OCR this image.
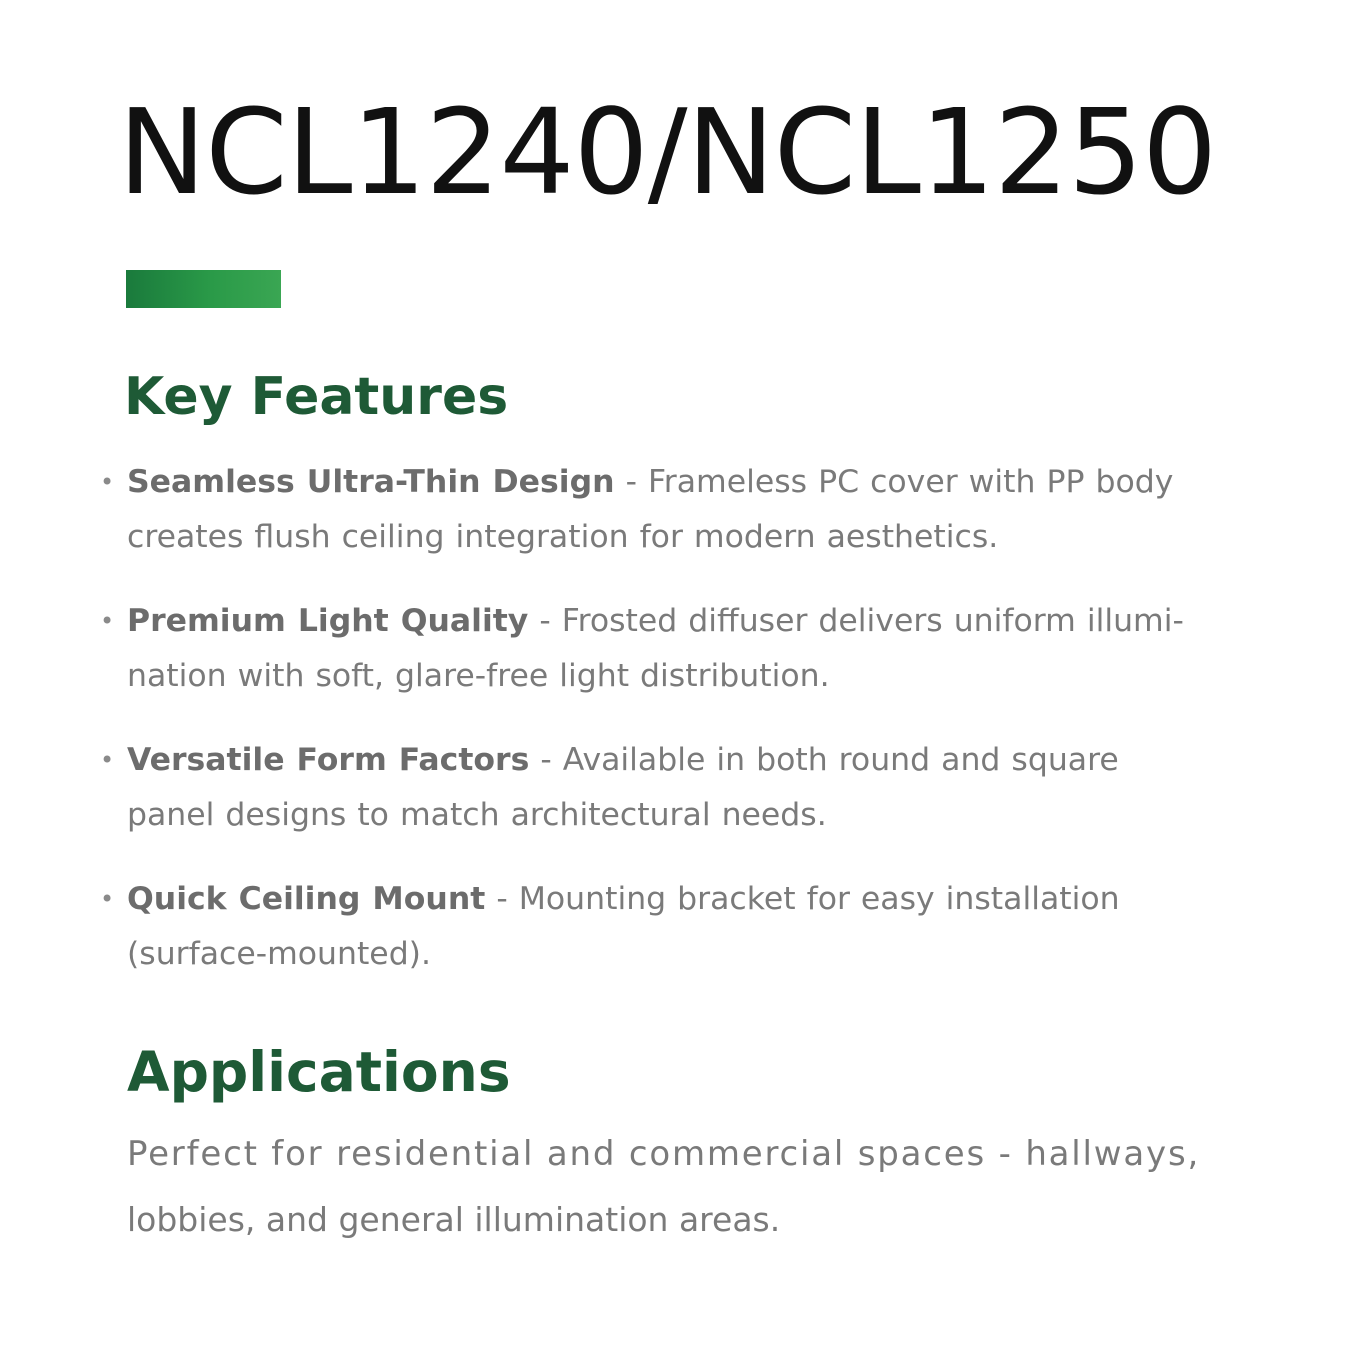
NCL1240/NCL1250
Key Features
• Seamless Ultra-Thin Design - Frameless PC cover with PP body
creates flush ceiling integration for modern aesthetics.
• Premium Light Quality - Frosted diffuser delivers uniform illumi-
nation with soft, glare-free light distribution.
• Versatile Form Factors - Available in both round and square
panel designs to match architectural needs.
• Quick Ceiling Mount - Mounting bracket for easy installation
(surface-mounted).
Applications

Perfect for residential and commercial spaces - hallways,
lobbies, and general illumination areas.
